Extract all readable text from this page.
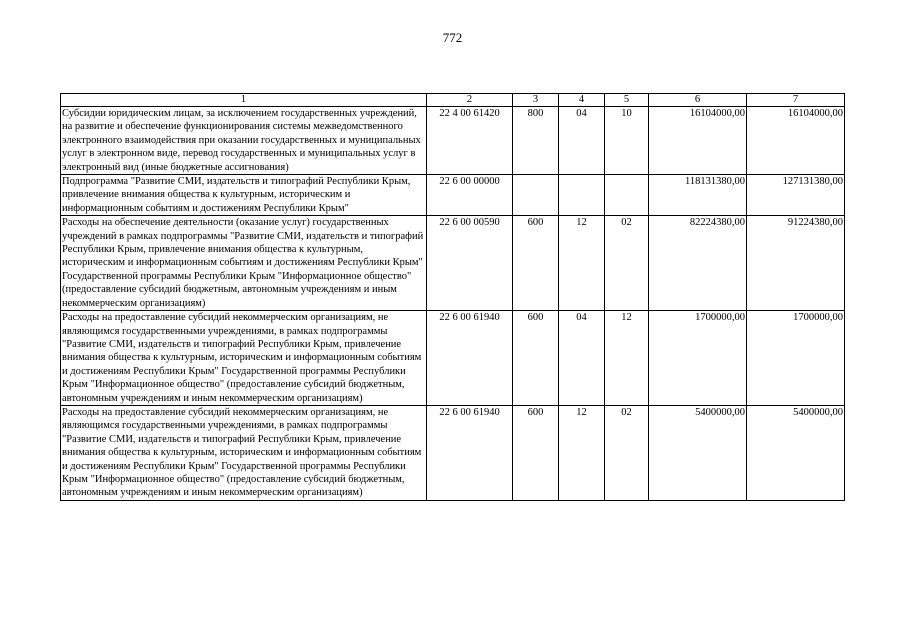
772
1	2	3	4	5	6	7
Субсидии юридическим лицам, за исключением государственных учреждений, на развитие и обеспечение функционирования системы межведомственного электронного взаимодействия при оказании государственных и муниципальных услуг в электронном виде, перевод государственных и муниципальных услуг в электронный вид (иные бюджетные ассигнования)	22 4 00 61420	800	04	10	16104000,00	16104000,00
Подпрограмма "Развитие СМИ, издательств и типографий Республики Крым, привлечение внимания общества к культурным, историческим и информационным событиям и достижениям Республики Крым"	22 6 00 00000				118131380,00	127131380,00
Расходы на обеспечение деятельности (оказание услуг) государственных учреждений в рамках подпрограммы "Развитие СМИ, издательств и типографий Республики Крым, привлечение внимания общества к культурным, историческим и информационным событиям и достижениям Республики Крым" Государственной программы Республики Крым "Информационное общество" (предоставление субсидий бюджетным, автономным учреждениям и иным некоммерческим организациям)	22 6 00 00590	600	12	02	82224380,00	91224380,00
Расходы на предоставление субсидий некоммерческим организациям, не являющимся государственными учреждениями, в рамках подпрограммы "Развитие СМИ, издательств и типографий Республики Крым, привлечение внимания общества к культурным, историческим и информационным событиям и достижениям Республики Крым" Государственной программы Республики Крым "Информационное общество" (предоставление субсидий бюджетным, автономным учреждениям и иным некоммерческим организациям)	22 6 00 61940	600	04	12	1700000,00	1700000,00
Расходы на предоставление субсидий некоммерческим организациям, не являющимся государственными учреждениями, в рамках подпрограммы "Развитие СМИ, издательств и типографий Республики Крым, привлечение внимания общества к культурным, историческим и информационным событиям и достижениям Республики Крым" Государственной программы Республики Крым "Информационное общество" (предоставление субсидий бюджетным, автономным учреждениям и иным некоммерческим организациям)	22 6 00 61940	600	12	02	5400000,00	5400000,00
